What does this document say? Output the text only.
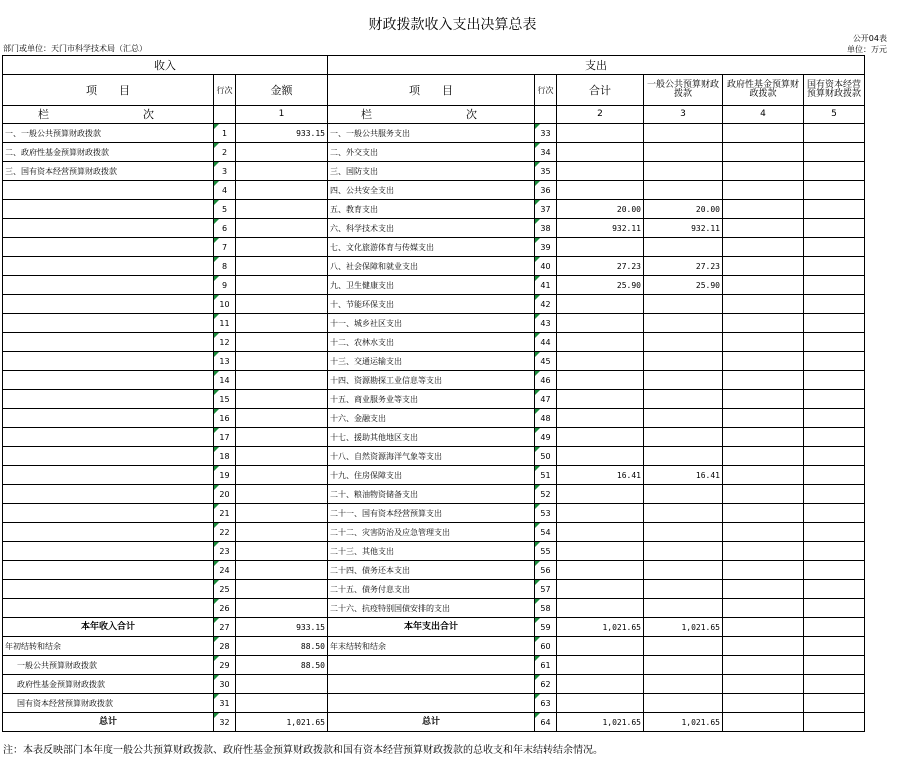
财政拨款收入支出决算总表
公开04表
部门或单位：天门市科学技术局（汇总）	单位：万元
收入			支出					
项　　目	行次	金额	项　　目	行次	合计	一般公共预算财政拨款	政府性基金预算财政拨款	国有资本经营预算财政拨款
栏　　次		1	栏　　次		2	3	4	5
一、一般公共预算财政拨款	1	933.15	一、一般公共服务支出	33				
二、政府性基金预算财政拨款	2		二、外交支出	34				
三、国有资本经营预算财政拨款	3		三、国防支出	35				
	4		四、公共安全支出	36				
	5		五、教育支出	37	20.00	20.00		
	6		六、科学技术支出	38	932.11	932.11		
	7		七、文化旅游体育与传媒支出	39				
	8		八、社会保障和就业支出	40	27.23	27.23		
	9		九、卫生健康支出	41	25.90	25.90		
	10		十、节能环保支出	42				
	11		十一、城乡社区支出	43				
	12		十二、农林水支出	44				
	13		十三、交通运输支出	45				
	14		十四、资源勘探工业信息等支出	46				
	15		十五、商业服务业等支出	47				
	16		十六、金融支出	48				
	17		十七、援助其他地区支出	49				
	18		十八、自然资源海洋气象等支出	50				
	19		十九、住房保障支出	51	16.41	16.41		
	20		二十、粮油物资储备支出	52				
	21		二十一、国有资本经营预算支出	53				
	22		二十二、灾害防治及应急管理支出	54				
	23		二十三、其他支出	55				
	24		二十四、债务还本支出	56				
	25		二十五、债务付息支出	57				
	26		二十六、抗疫特别国债安排的支出	58				
本年收入合计	27	933.15	本年支出合计	59	1,021.65	1,021.65		
年初结转和结余	28	88.50	年末结转和结余	60				
一般公共预算财政拨款	29	88.50		61				
政府性基金预算财政拨款	30			62				
国有资本经营预算财政拨款	31			63				
总计	32	1,021.65	总计	64	1,021.65	1,021.65		
注：本表反映部门本年度一般公共预算财政拨款、政府性基金预算财政拨款和国有资本经营预算财政拨款的总收支和年末结转结余情况。
